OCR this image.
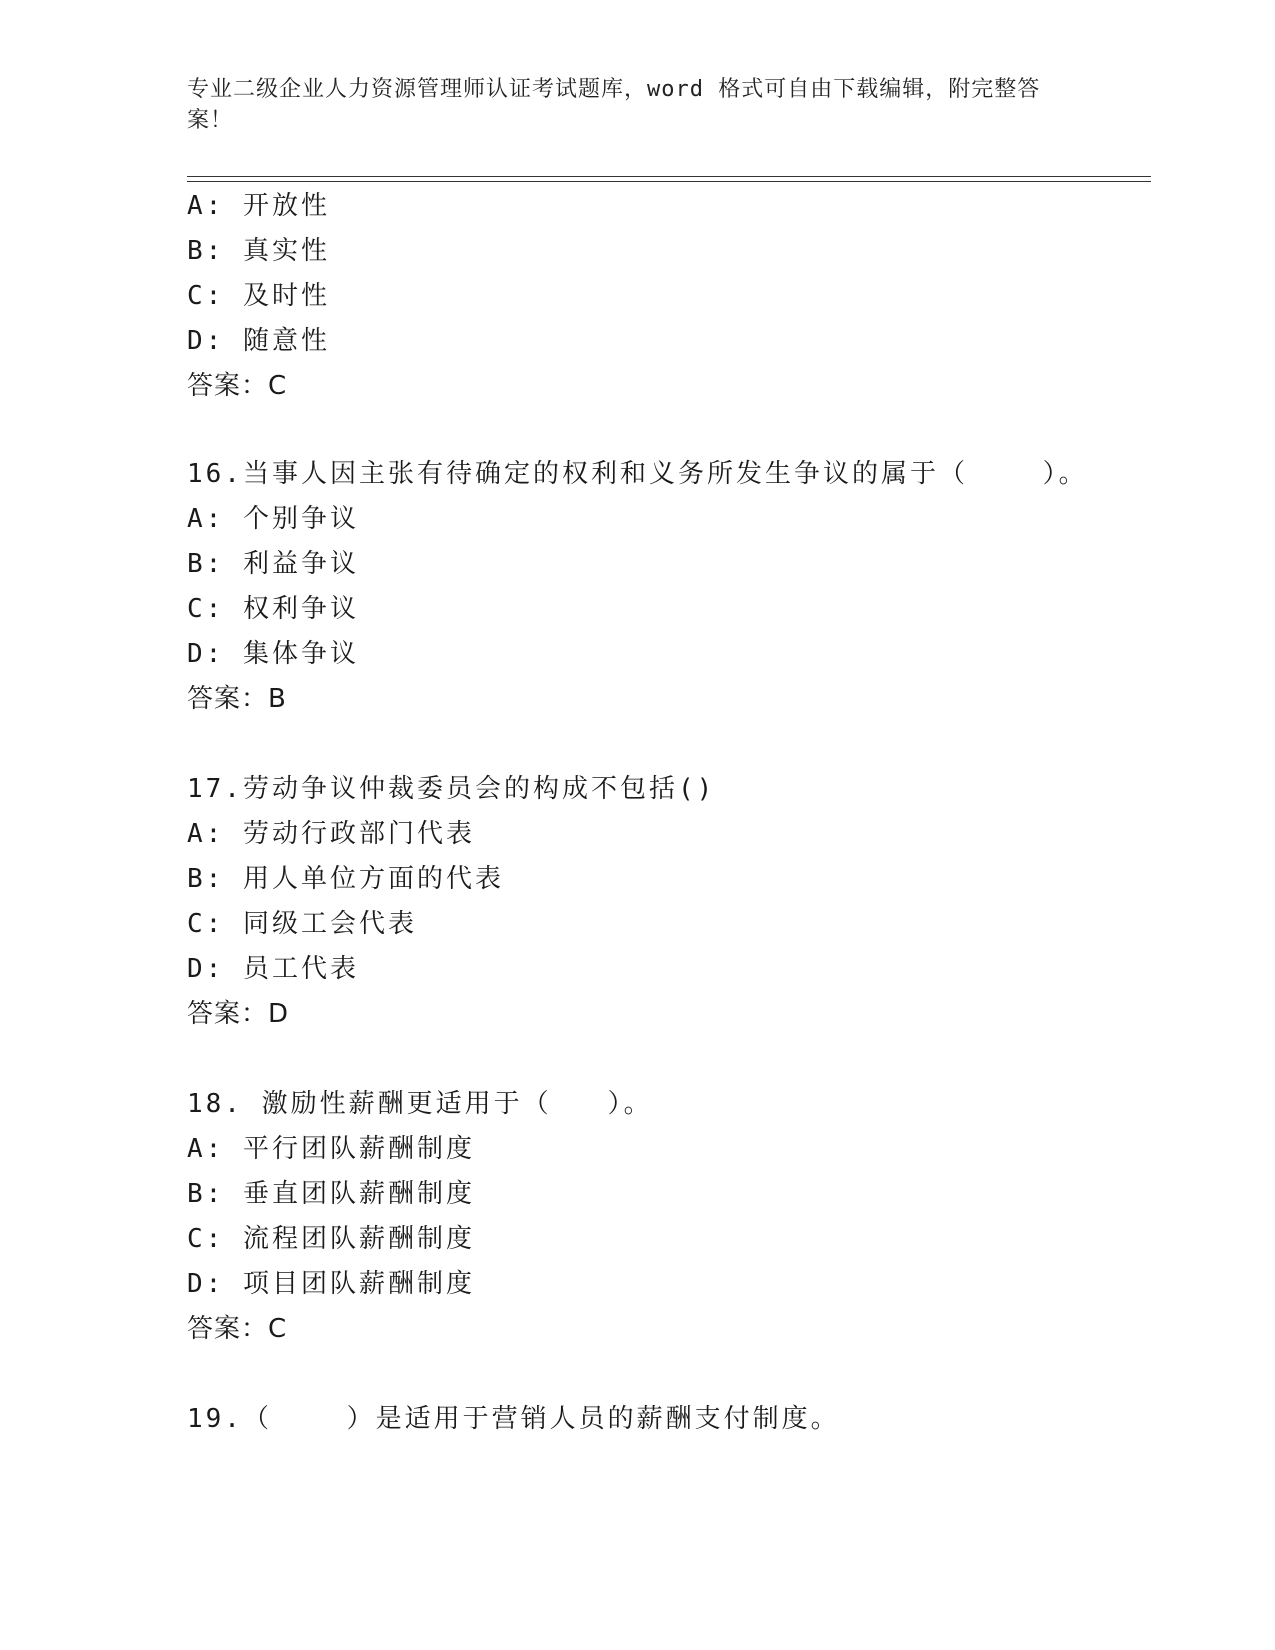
专业二级企业人力资源管理师认证考试题库，word 格式可自由下载编辑，附完整答案！
A: 开放性
B: 真实性
C: 及时性
D: 随意性
答案：C
16.当事人因主张有待确定的权利和义务所发生争议的属于（    ）。
A: 个别争议
B: 利益争议
C: 权利争议
D: 集体争议
答案：B
17.劳动争议仲裁委员会的构成不包括()
A: 劳动行政部门代表
B: 用人单位方面的代表
C: 同级工会代表
D: 员工代表
答案：D
18. 激励性薪酬更适用于（   ）。
A: 平行团队薪酬制度
B: 垂直团队薪酬制度
C: 流程团队薪酬制度
D: 项目团队薪酬制度
答案：C
19.（    ）是适用于营销人员的薪酬支付制度。
